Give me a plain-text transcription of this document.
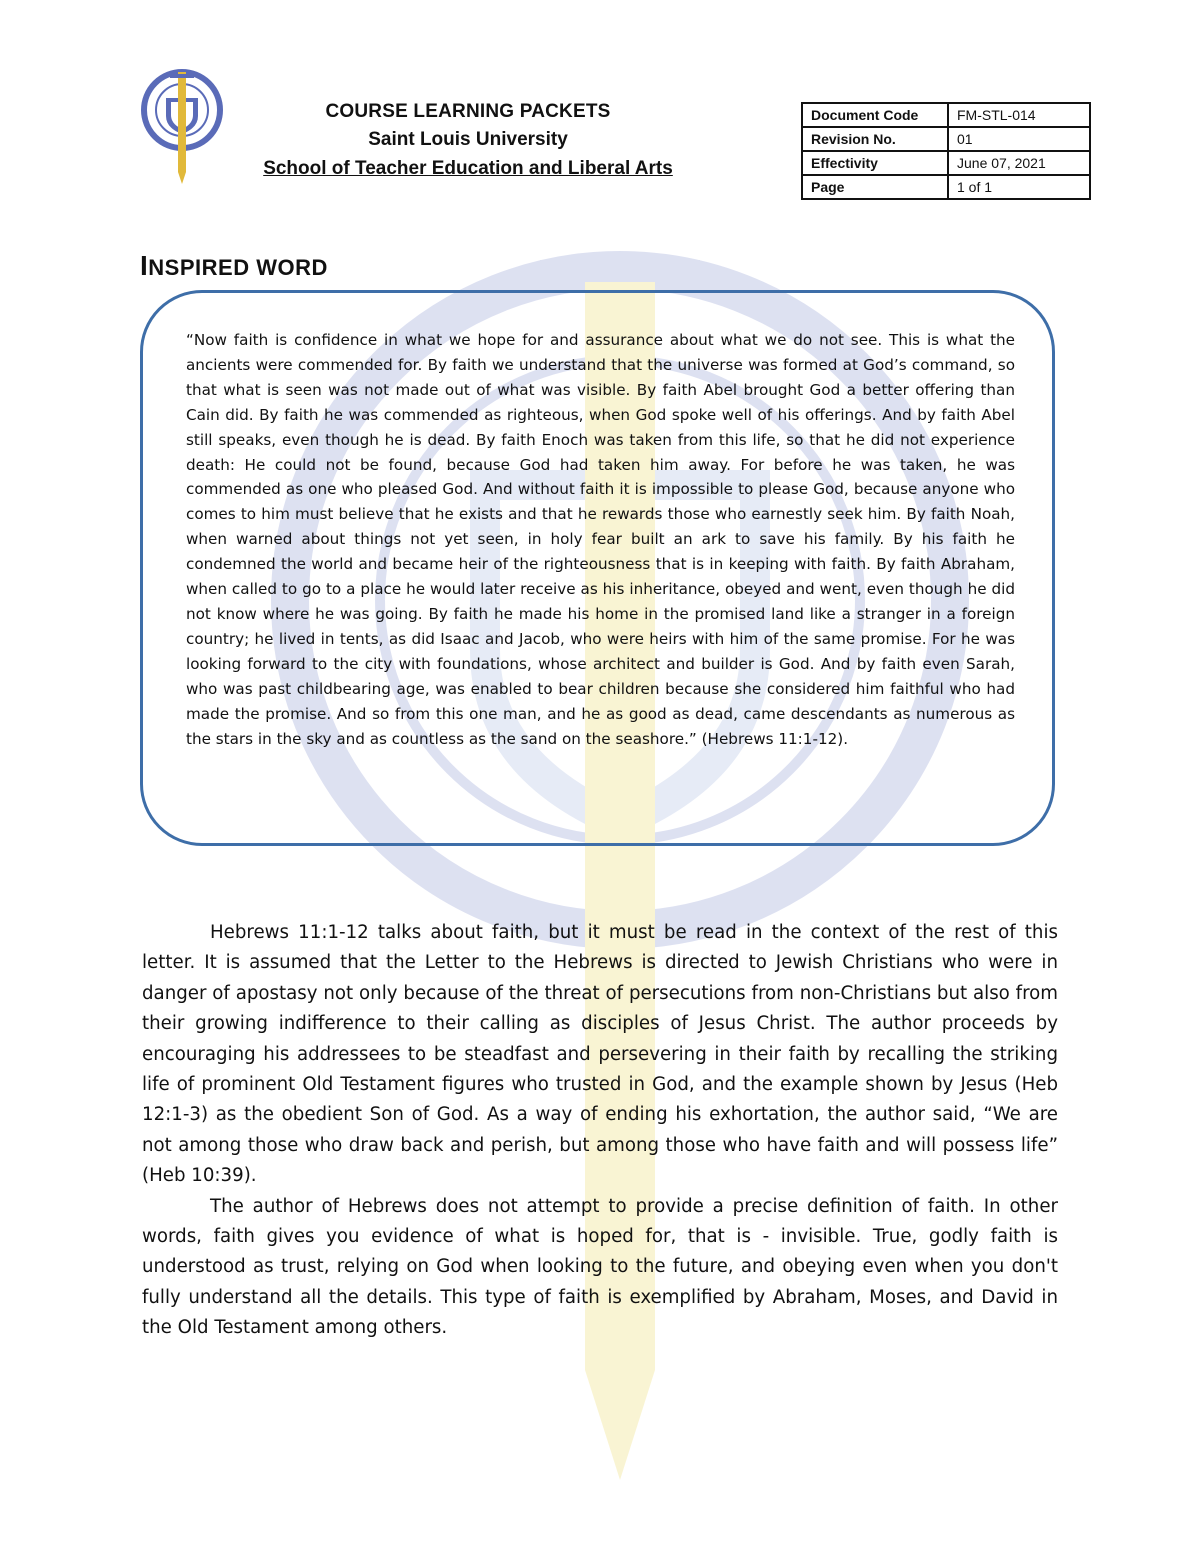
COURSE LEARNING PACKETS
Saint Louis University
School of Teacher Education and Liberal Arts
Document Code	FM-STL-014
Revision No.	01
Effectivity	June 07, 2021
Page	1 of 1
INSPIRED WORD
“Now faith is confidence in what we hope for and assurance about what we do not see. This is what the ancients were commended for. By faith we understand that the universe was formed at God’s command, so that what is seen was not made out of what was visible. By faith Abel brought God a better offering than Cain did. By faith he was commended as righteous, when God spoke well of his offerings. And by faith Abel still speaks, even though he is dead. By faith Enoch was taken from this life, so that he did not experience death: He could not be found, because God had taken him away. For before he was taken, he was commended as one who pleased God. And without faith it is impossible to please God, because anyone who comes to him must believe that he exists and that he rewards those who earnestly seek him. By faith Noah, when warned about things not yet seen, in holy fear built an ark to save his family. By his faith he condemned the world and became heir of the righteousness that is in keeping with faith. By faith Abraham, when called to go to a place he would later receive as his inheritance, obeyed and went, even though he did not know where he was going. By faith he made his home in the promised land like a stranger in a foreign country; he lived in tents, as did Isaac and Jacob, who were heirs with him of the same promise. For he was looking forward to the city with foundations, whose architect and builder is God. And by faith even Sarah, who was past childbearing age, was enabled to bear children because she considered him faithful who had made the promise. And so from this one man, and he as good as dead, came descendants as numerous as the stars in the sky and as countless as the sand on the seashore.” (Hebrews 11:1-12).

Hebrews 11:1-12 talks about faith, but it must be read in the context of the rest of this letter. It is assumed that the Letter to the Hebrews is directed to Jewish Christians who were in danger of apostasy not only because of the threat of persecutions from non-Christians but also from their growing indifference to their calling as disciples of Jesus Christ. The author proceeds by encouraging his addressees to be steadfast and persevering in their faith by recalling the striking life of prominent Old Testament figures who trusted in God, and the example shown by Jesus (Heb 12:1-3) as the obedient Son of God. As a way of ending his exhortation, the author said, “We are not among those who draw back and perish, but among those who have faith and will possess life” (Heb 10:39).

The author of Hebrews does not attempt to provide a precise definition of faith. In other words, faith gives you evidence of what is hoped for, that is - invisible. True, godly faith is understood as trust, relying on God when looking to the future, and obeying even when you don't fully understand all the details. This type of faith is exemplified by Abraham, Moses, and David in the Old Testament among others.
